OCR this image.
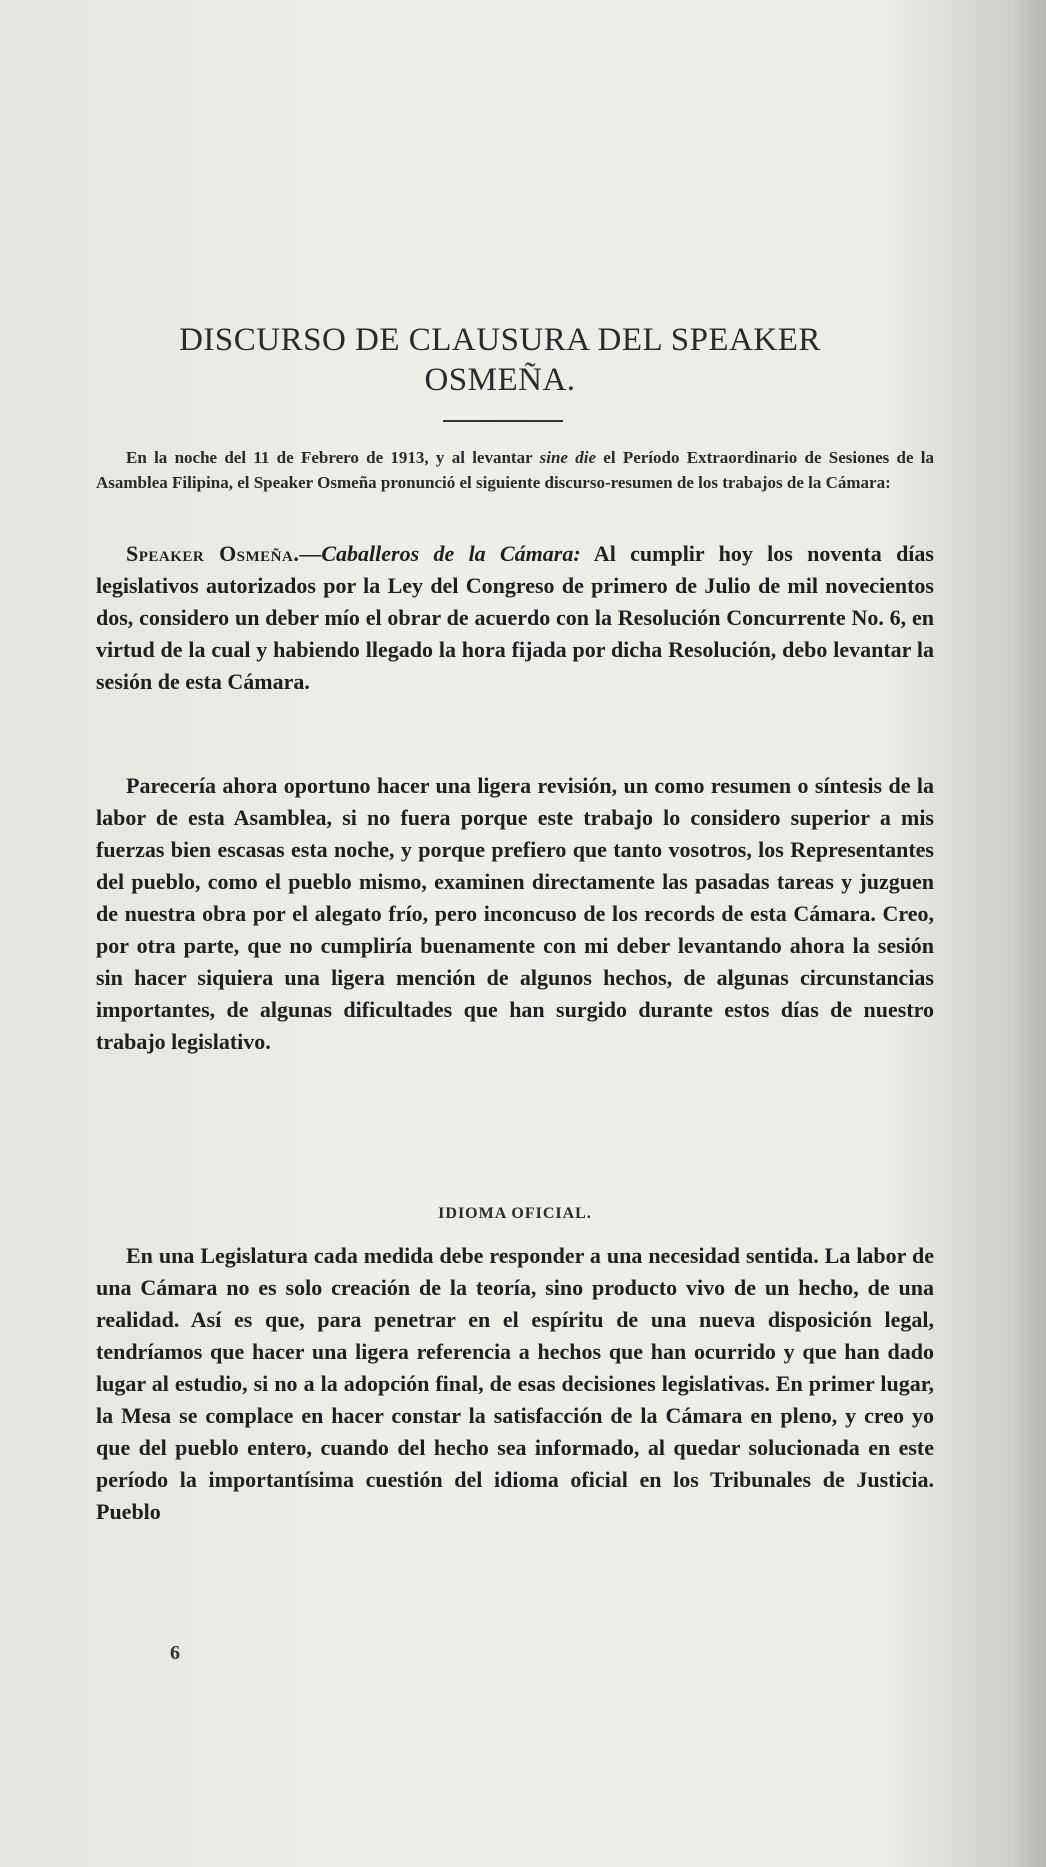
DISCURSO DE CLAUSURA DEL SPEAKER OSMEÑA.

En la noche del 11 de Febrero de 1913, y al levantar sine die el Período Extraordinario de Sesiones de la Asamblea Filipina, el Speaker Osmeña pronunció el siguiente discurso-resumen de los trabajos de la Cámara:

Speaker Osmeña.—Caballeros de la Cámara: Al cumplir hoy los noventa días legislativos autorizados por la Ley del Congreso de primero de Julio de mil novecientos dos, considero un deber mío el obrar de acuerdo con la Resolución Concurrente No. 6, en virtud de la cual y habiendo llegado la hora fijada por dicha Resolución, debo levantar la sesión de esta Cámara.

Parecería ahora oportuno hacer una ligera revisión, un como resumen o síntesis de la labor de esta Asamblea, si no fuera porque este trabajo lo considero superior a mis fuerzas bien escasas esta noche, y porque prefiero que tanto vosotros, los Representantes del pueblo, como el pueblo mismo, examinen directamente las pasadas tareas y juzguen de nuestra obra por el alegato frío, pero inconcuso de los records de esta Cámara. Creo, por otra parte, que no cumpliría buenamente con mi deber levantando ahora la sesión sin hacer siquiera una ligera mención de algunos hechos, de algunas circunstancias importantes, de algunas dificultades que han surgido durante estos días de nuestro trabajo legislativo.

IDIOMA OFICIAL.

En una Legislatura cada medida debe responder a una necesidad sentida. La labor de una Cámara no es solo creación de la teoría, sino producto vivo de un hecho, de una realidad. Así es que, para penetrar en el espíritu de una nueva disposición legal, tendríamos que hacer una ligera referencia a hechos que han ocurrido y que han dado lugar al estudio, si no a la adopción final, de esas decisiones legislativas. En primer lugar, la Mesa se complace en hacer constar la satisfacción de la Cámara en pleno, y creo yo que del pueblo entero, cuando del hecho sea informado, al quedar solucionada en este período la importantísima cuestión del idioma oficial en los Tribunales de Justicia. Pueblo

6
